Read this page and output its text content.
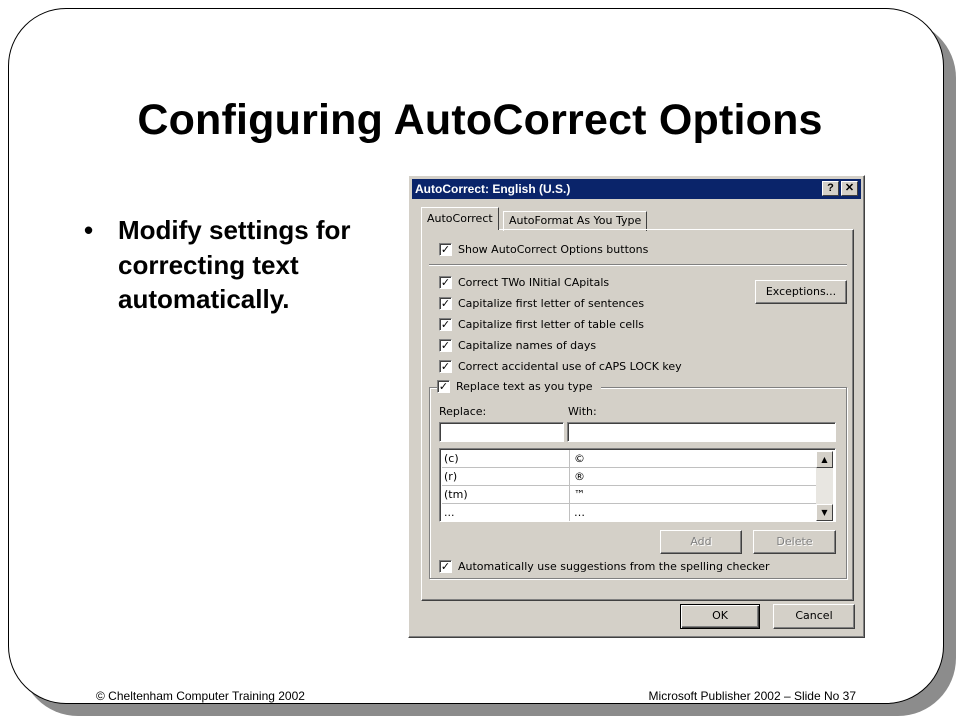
Configuring AutoCorrect Options
• Modify settings for correcting text automatically.
AutoCorrect: English (U.S.)	?	✕
AutoCorrect	AutoFormat As You Type
✓ Show AutoCorrect Options buttons
✓ Correct TWo INitial CApitals
✓ Capitalize first letter of sentences
✓ Capitalize first letter of table cells
✓ Capitalize names of days
✓ Correct accidental use of cAPS LOCK key
Exceptions...
✓ Replace text as you type
Replace:	With:
(c)	©
(r)	®
(tm)	™
...	…
▲
▼
Add	Delete
✓ Automatically use suggestions from the spelling checker
OK	Cancel
© Cheltenham Computer Training 2002	Microsoft Publisher 2002 – Slide No 37
